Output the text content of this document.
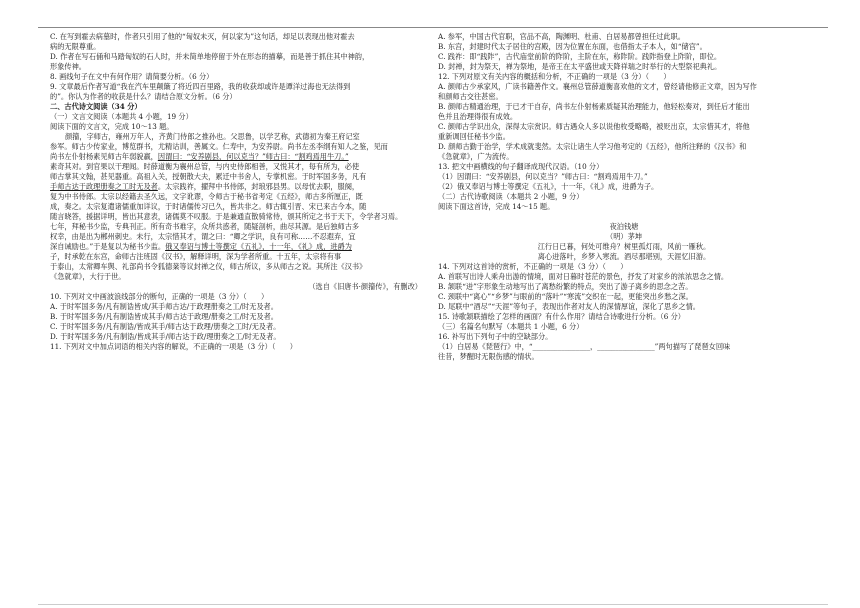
C. 在写到霍去病墓时，作者只引用了他的“匈奴未灭，何以家为”这句话，却足以表现出他对霍去

病的无限尊重。

D. 作者在写石俑和马踏匈奴的石人时，并未简单地停留于外在形态的描摹，而是善于抓住其中神韵，

形象传神。

8. 画线句子在文中有何作用？请简要分析。（6 分）

9. 文章最后作者写道“我在汽车里颠簸了将近四百里路，我的收获却或许是谭洋过海也无法得到

的”。你认为作者的收获是什么？请结合原文分析。（6 分）

二、古代诗文阅读（34 分）

（一）文言文阅读（本题共 4 小题，19 分）

阅读下面的文言文，完成 10～13 题。

颜籀，字师古，雍州万年人，齐黄门侍郎之推孙也。父思鲁，以学艺称，武德初为秦王府记室

参军。师古少传家业，博览群书，尤精诂训，善属文。仁寿中，为安养尉。尚书左丞李纲有知人之鉴，见而

尚书左仆射杨素见师古年弱貌羸，因谓曰：“安养剧县，何以克当？”师古曰：“割鸡焉用牛刀。”

素奇其对。到官果以干理闻。时薛道衡为襄州总管，与内史侍郎相善，又悦其才，每有所为，必使

师古掌其文翰，甚见器重。高祖入关，授朝散大夫，累迁中书舍人，专掌机密。于时军国多务，凡有

手师古达于政理册奏之工时无及者。太宗践祚，擢拜中书侍郎，封琅邪县男。以母忧去职，服阕，

复为中书侍郎。太宗以经籍去圣久远，文字讹谬，令师古于秘书省考定《五经》，师古多所厘正，既

成，奏之。太宗复遣诸儒重加详议，于时诸儒传习已久，皆共非之。师古辄引晋、宋已来古今本，随

随言晓答，援据详明，皆出其意表，诸儒莫不叹服。于是兼通直散骑常侍，颁其所定之书于天下，令学者习焉。

七年，拜秘书少监，专典刊正。所有奇书难字，众所共惑者，随疑剖析，曲尽其源。是后独师古多

权幸，由是出为郴州刺史。未行，太宗惜其才，谓之曰：“卿之学识，良有可称……不忍遐弃，宜

深自诫励也。”于是复以为秘书少监。俄又奉诏与博士等撰定《五礼》，十一年，《礼》成，进爵为

子，时承乾在东宫，命师古注班固《汉书》，解释详明，深为学者所重。十五年，太宗将有事

于泰山，太常卿车舆、礼部尚书令狐德棻等议封禅之仪，师古所议，多从师古之说。其所注《汉书》

《急就章》，大行于世。

（选自《旧唐书·颜籀传》，有删改）

10. 下列对文中画波浪线部分的断句，正确的一项是（3 分）（　　）

A. 于时军国多务/凡有制诰皆成/其手师古达/于政理册奏之工/时无及者。

B. 于时军国多务/凡有制诰皆成其手/师古达于政理/册奏之工/时无及者。

C. 于时军国多务/凡有制诰/皆成其手/师古达于政理/册奏之工时/无及者。

D. 于时军国多务/凡有制诰/皆成其手/师古达于政/理册奏之工/时无及者。

11. 下列对文中加点词语的相关内容的解说，不正确的一项是（3 分）（　　）

A. 参军，中国古代官职，官品不高，陶渊明、杜甫、白居易都曾担任过此职。

B. 东宫，封建时代太子居住的宫殿，因为位置在东面，也借指太子本人，如“储宫”。

C. 践祚：即“践阼”，古代庙堂前阶的阼阶，主阶在东，称阼阶。践阼指登上阼阶，即位。

D. 封禅，封为祭天，禅为祭地，是帝王在太平盛世或天降祥瑞之时举行的大型祭祀典礼。

12. 下列对原文有关内容的概括和分析，不正确的一项是（3 分）（　　）

A. 颜师古少承家风，广读书籍善作文。襄州总管薛道衡喜欢他的文才，曾经请他修正文章，因为写作

和颜师古交往甚密。

B. 颜师古精通治理，于已才干自存，尚书左仆射杨素质疑其治理能力，他轻松奏对，到任后才能出

色并且治理得很有成效。

C. 颜师古学识出众，深得太宗赏识。师古遇众人多以说他枚受略略，被贬出京，太宗惜其才，将他

重新调回任秘书少监。

D. 颜师古勤于治学，学术成就斐然。太宗让诸生人学习他考定的《五经》，他所注释的《汉书》和

《急就章》，广为流传。

13. 把文中画横线的句子翻译成现代汉语。（10 分）

（1）因谓曰：“安养剧县，何以克当？”师古曰：“割鸡焉用牛刀。”

（2）俄又奉诏与博士等撰定《五礼》，十一年，《礼》成，进爵为子。

（二）古代诗歌阅读（本题共 2 小题，9 分）

阅读下面这首诗，完成 14～15 题。

夜泊钱塘

（明）茅坤

江行日已暮，何处可维舟？树里孤灯雨，风前一雁秋。

离心迸落叶，乡梦入寒流。酒尽那堪别，天涯忆旧游。

14. 下列对这首诗的赏析，不正确的一项是（3 分）（　　）

A. 首联写出诗人乘舟出游的情境，面对日暮时苍茫的景色，抒发了对家乡的浓浓思念之情。

B. 颔联“迸”字形象生动地写出了离愁纷繁的特点，突出了游子离乡的思念之苦。

C. 颈联中“离心”“乡梦”与眼前的“落叶”“寒流”交织在一起，更能突出乡愁之深。

D. 尾联中“酒尽”“天涯”等句子，表现出作者对友人的深情厚谊，深化了思乡之情。

15. 诗歌颔联描绘了怎样的画面？有什么作用？请结合诗歌进行分析。（6 分）

（三）名篇名句默写（本题共 1 小题，6 分）

16. 补写出下列句子中的空缺部分。

（1）白居易《琵琶行》中，“________________，________________”两句描写了琵琶女回味

往昔，梦醒时无限伤感的情状。
